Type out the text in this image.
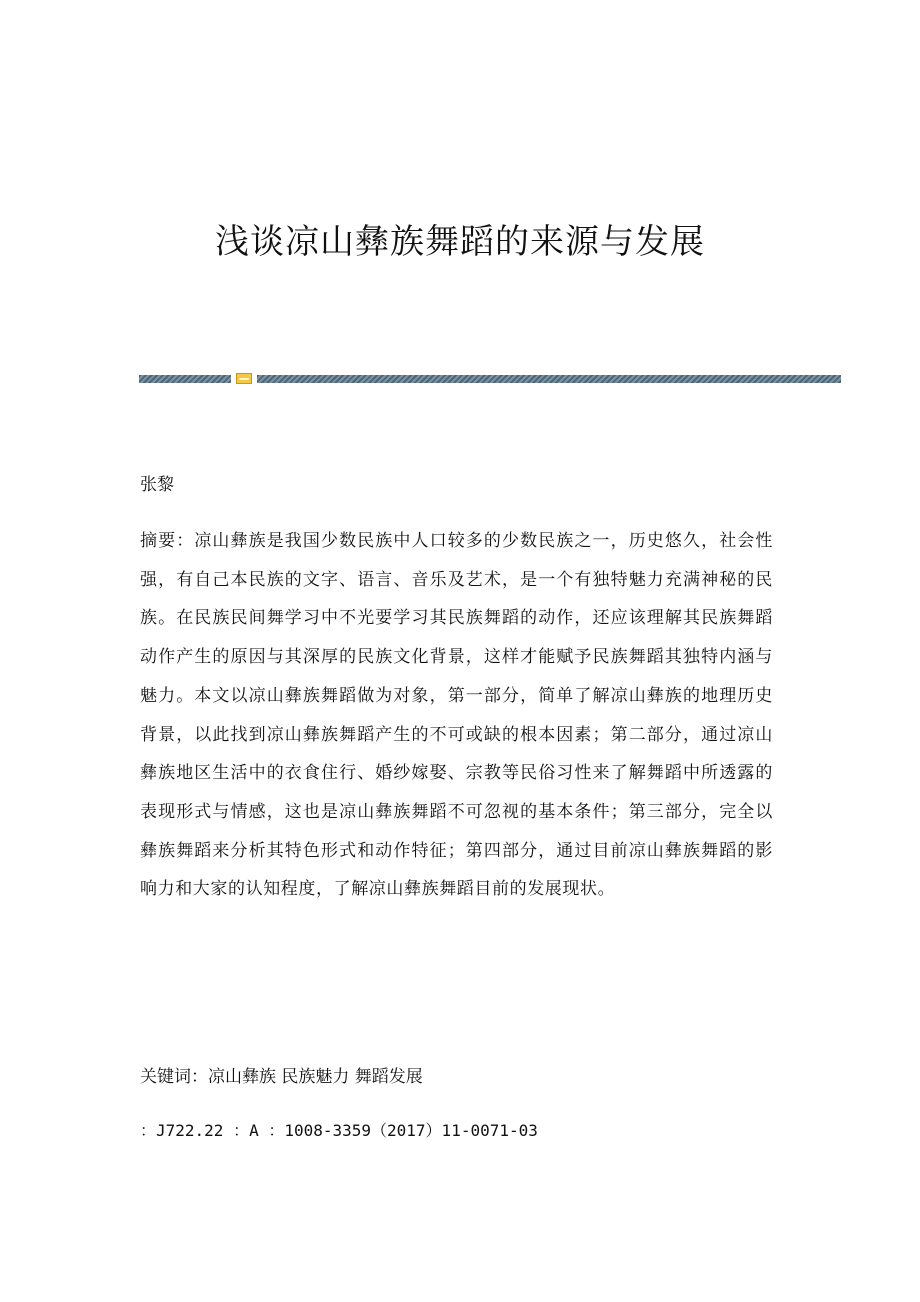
浅谈凉山彝族舞蹈的来源与发展

张黎

摘要：凉山彝族是我国少数民族中人口较多的少数民族之一，历史悠久，社会性强，有自己本民族的文字、语言、音乐及艺术，是一个有独特魅力充满神秘的民族。在民族民间舞学习中不光要学习其民族舞蹈的动作，还应该理解其民族舞蹈动作产生的原因与其深厚的民族文化背景，这样才能赋予民族舞蹈其独特内涵与魅力。本文以凉山彝族舞蹈做为对象，第一部分，简单了解凉山彝族的地理历史背景，以此找到凉山彝族舞蹈产生的不可或缺的根本因素；第二部分，通过凉山彝族地区生活中的衣食住行、婚纱嫁娶、宗教等民俗习性来了解舞蹈中所透露的表现形式与情感，这也是凉山彝族舞蹈不可忽视的基本条件；第三部分，完全以彝族舞蹈来分析其特色形式和动作特征；第四部分，通过目前凉山彝族舞蹈的影响力和大家的认知程度，了解凉山彝族舞蹈目前的发展现状。

关键词：凉山彝族 民族魅力 舞蹈发展

：J722.22 ：A ：1008-3359（2017）11-0071-03
